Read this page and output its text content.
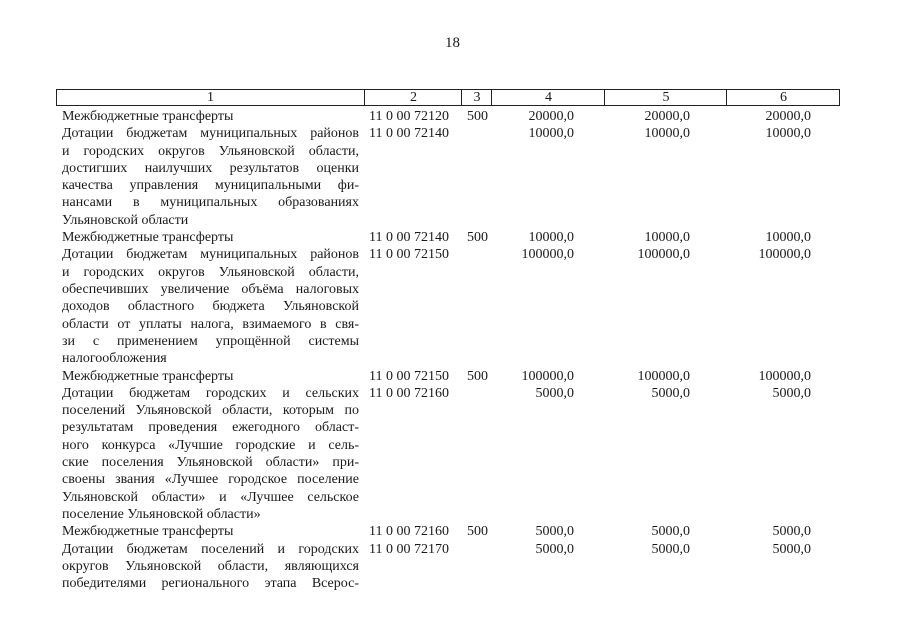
18
1	2	3	4	5	6
Межбюджетные трансферты	11 0 00 72120 500	20000,0	20000,0	20000,0
Дотации бюджетам муниципальных районов
и городских округов Ульяновской области,
достигших наилучших результатов оценки
качества управления муниципальными фи-
нансами в муниципальных образованиях
Ульяновской области
11 0 00 72140	10000,0	10000,0	10000,0
Межбюджетные трансферты	11 0 00 72140 500	10000,0	10000,0	10000,0
Дотации бюджетам муниципальных районов
и городских округов Ульяновской области,
обеспечивших увеличение объёма налоговых
доходов областного бюджета Ульяновской
области от уплаты налога, взимаемого в свя-
зи с применением упрощённой системы
налогообложения
11 0 00 72150	100000,0	100000,0	100000,0
Межбюджетные трансферты	11 0 00 72150 500	100000,0	100000,0	100000,0
Дотации бюджетам городских и сельских
поселений Ульяновской области, которым по
результатам проведения ежегодного област-
ного конкурса «Лучшие городские и сель-
ские поселения Ульяновской области» при-
своены звания «Лучшее городское поселение
Ульяновской области» и «Лучшее сельское
поселение Ульяновской области»
11 0 00 72160	5000,0	5000,0	5000,0
Межбюджетные трансферты	11 0 00 72160 500	5000,0	5000,0	5000,0
Дотации бюджетам поселений и городских
округов Ульяновской области, являющихся
победителями регионального этапа Всерос-
11 0 00 72170	5000,0	5000,0	5000,0
